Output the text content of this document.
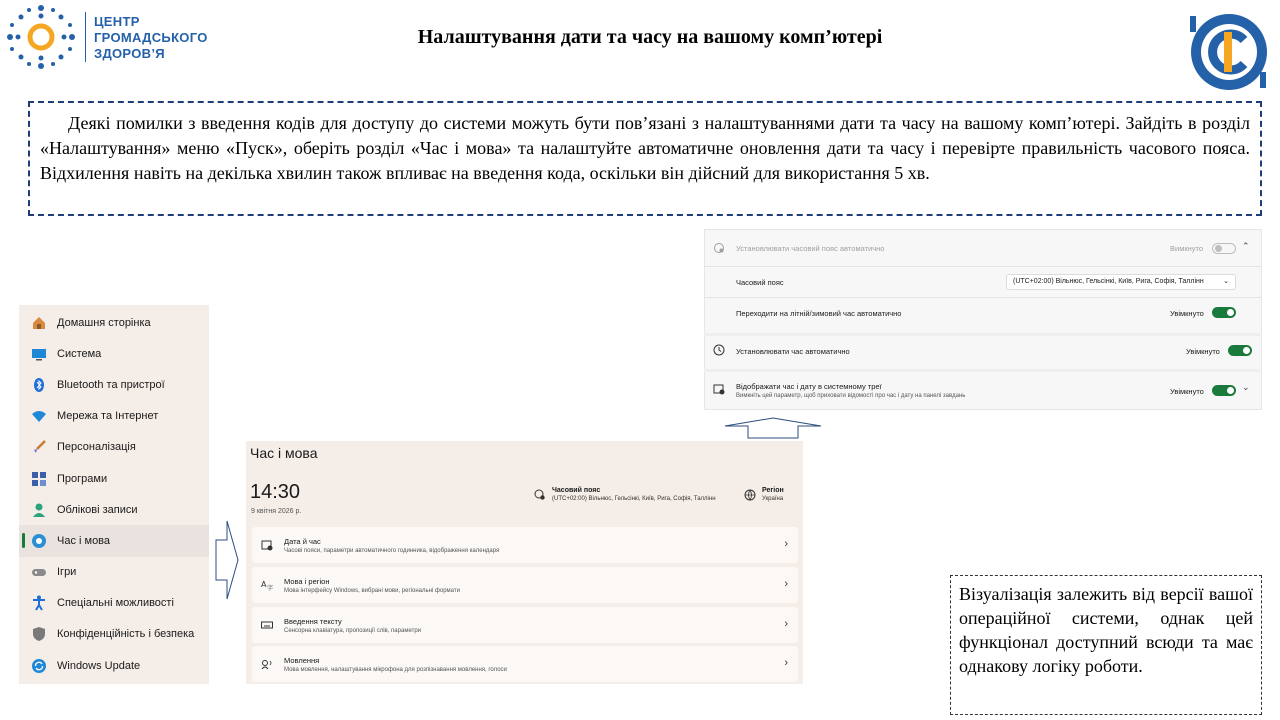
ЦЕНТР
ГРОМАДСЬКОГО
ЗДОРОВ’Я
Налаштування дати та часу на вашому комп’ютері

Деякі помилки з введення кодів для доступу до системи можуть бути пов’язані з налаштуваннями дати та часу на вашому комп’ютері. Зайдіть в розділ «Налаштування» меню «Пуск», оберіть розділ «Час і мова» та налаштуйте автоматичне оновлення дати та часу і перевірте правильність часового пояса. Відхилення навіть на декілька хвилин також впливає на введення кода, оскільки він дійсний для використання 5 хв.

Установлювати часовий пояс автоматично	Вимкнуто	⌃
Часовий пояс	(UTC+02:00) Вільнюс, Гельсінкі, Київ, Рига, Софія, Таллінн	⌄
Переходити на літній/зимовий час автоматично	Увімкнуто
Установлювати час автоматично	Увімкнуто
Відображати час і дату в системному треї
Вимкніть цей параметр, щоб приховати відомості про час і дату на панелі завдань	Увімкнуто	⌄
Домашня сторінка
Система
Bluetooth та пристрої
Мережа та Інтернет
Персоналізація
Програми
Облікові записи
Час і мова
Ігри
Спеціальні можливості
Конфіденційність і безпека
Windows Update
Час і мова
14:30
9 квітня 2026 р.
Часовий пояс
(UTC+02:00) Вільнюс, Гельсінкі, Київ, Рига, Софія, Таллінн
Регіон
Україна
Дата й час
Часові пояси, параметри автоматичного годинника, відображення календаря
›
A 字
Мова і регіон
Мова інтерфейсу Windows, вибрані мови, регіональні формати
›
Введення тексту
Сенсорна клавіатура, пропозиції слів, параметри
›
Мовлення
Мова мовлення, налаштування мікрофона для розпізнавання мовлення, голоси
›

Візуалізація залежить від версії вашої операційної системи, однак цей функціонал доступний всюди та має однакову логіку роботи.
